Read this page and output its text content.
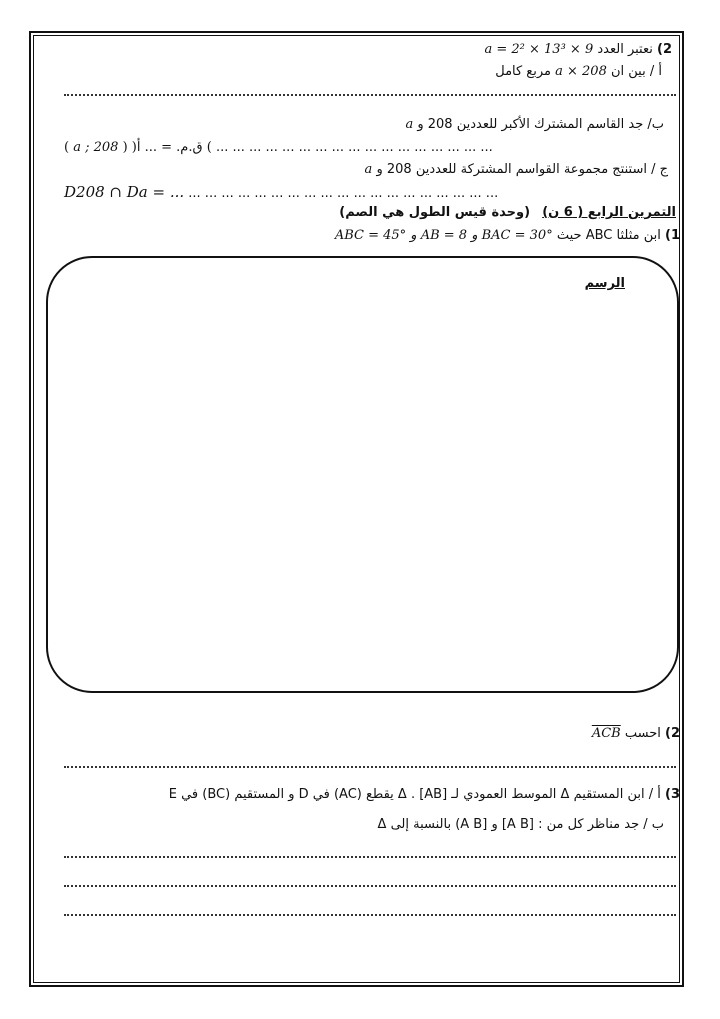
2) نعتبر العدد a = 2² × 13³ × 9
أ / بين ان a × 208 مربع كامل
ب/ جد القاسم المشترك الأكبر للعددين 208 و a
( a ; 208 ) أ( ) ق.م. = ... ... ... ... ... ... ... ... ... ... ... ... ... ... ... ... ... ...
ج / استنتج مجموعة القواسم المشتركة للعددين 208 و a
D208 ∩ Da = ... ... ... ... ... ... ... ... ... ... ... ... ... ... ... ... ... ... ... ...
التمرين الرابع ( 6 ن) (وحدة قيس الطول هي الصم)
1) ابن مثلثا ABC حيث ABC = 45° و AB = 8 و BAC = 30°
الرسم
2) احسب ACB
3) أ / ابن المستقيم Δ الموسط العمودي لـ [AB] . Δ يقطع (AC) في D و المستقيم (BC) في E
ب / جد مناظر كل من : [A B] و [A B) بالنسبة إلى Δ
